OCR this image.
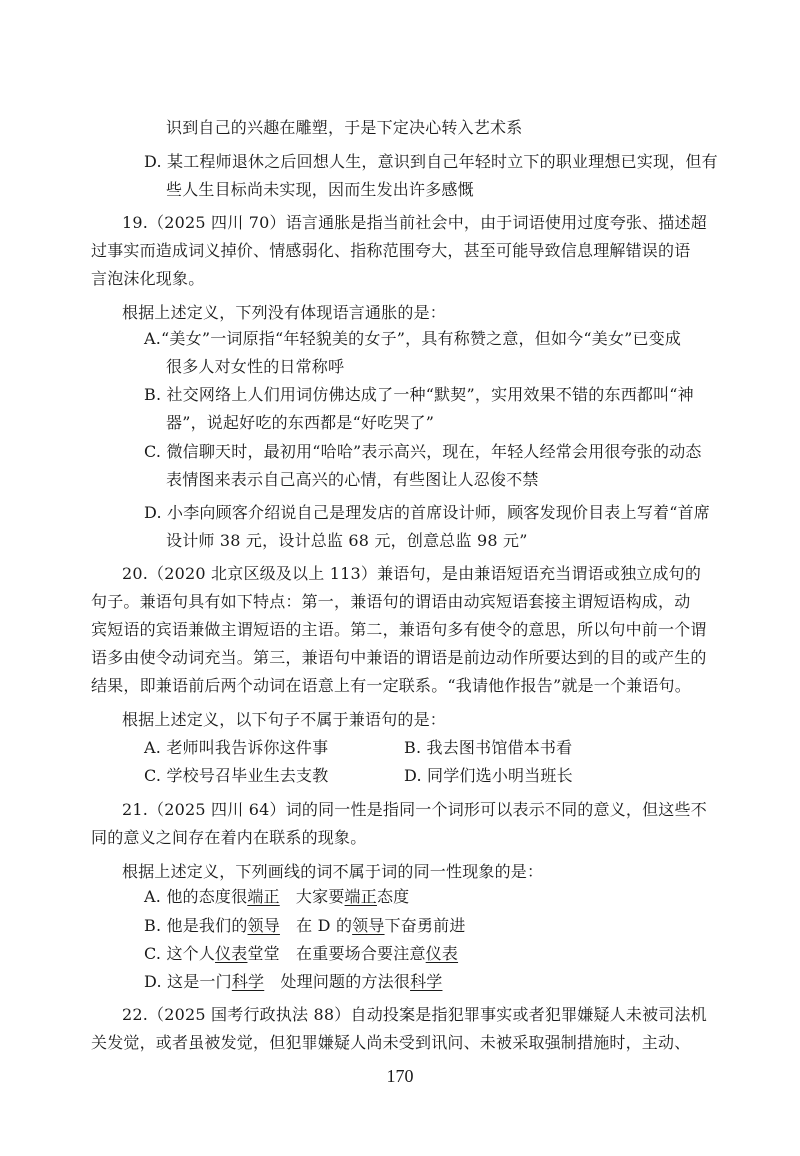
识到自己的兴趣在雕塑，于是下定决心转入艺术系
D. 某工程师退休之后回想人生，意识到自己年轻时立下的职业理想已实现，但有
些人生目标尚未实现，因而生发出许多感慨
19.（2025 四川 70）语言通胀是指当前社会中，由于词语使用过度夸张、描述超
过事实而造成词义掉价、情感弱化、指称范围夸大，甚至可能导致信息理解错误的语
言泡沫化现象。
根据上述定义，下列没有体现语言通胀的是：
A.“美女”一词原指“年轻貌美的女子”，具有称赞之意，但如今“美女”已变成
很多人对女性的日常称呼
B. 社交网络上人们用词仿佛达成了一种“默契”，实用效果不错的东西都叫“神
器”，说起好吃的东西都是“好吃哭了”
C. 微信聊天时，最初用“哈哈”表示高兴，现在，年轻人经常会用很夸张的动态
表情图来表示自己高兴的心情，有些图让人忍俊不禁
D. 小李向顾客介绍说自己是理发店的首席设计师，顾客发现价目表上写着“首席
设计师 38 元，设计总监 68 元，创意总监 98 元”
20.（2020 北京区级及以上 113）兼语句，是由兼语短语充当谓语或独立成句的
句子。兼语句具有如下特点：第一，兼语句的谓语由动宾短语套接主谓短语构成，动
宾短语的宾语兼做主谓短语的主语。第二，兼语句多有使令的意思，所以句中前一个谓
语多由使令动词充当。第三，兼语句中兼语的谓语是前边动作所要达到的目的或产生的
结果，即兼语前后两个动词在语意上有一定联系。“我请他作报告”就是一个兼语句。
根据上述定义，以下句子不属于兼语句的是：
A. 老师叫我告诉你这件事	B. 我去图书馆借本书看
C. 学校号召毕业生去支教	D. 同学们选小明当班长
21.（2025 四川 64）词的同一性是指同一个词形可以表示不同的意义，但这些不
同的意义之间存在着内在联系的现象。
根据上述定义，下列画线的词不属于词的同一性现象的是：
A. 他的态度很端正　大家要端正态度
B. 他是我们的领导　在 D 的领导下奋勇前进
C. 这个人仪表堂堂　在重要场合要注意仪表
D. 这是一门科学　处理问题的方法很科学
22.（2025 国考行政执法 88）自动投案是指犯罪事实或者犯罪嫌疑人未被司法机
关发觉，或者虽被发觉，但犯罪嫌疑人尚未受到讯问、未被采取强制措施时，主动、
170
